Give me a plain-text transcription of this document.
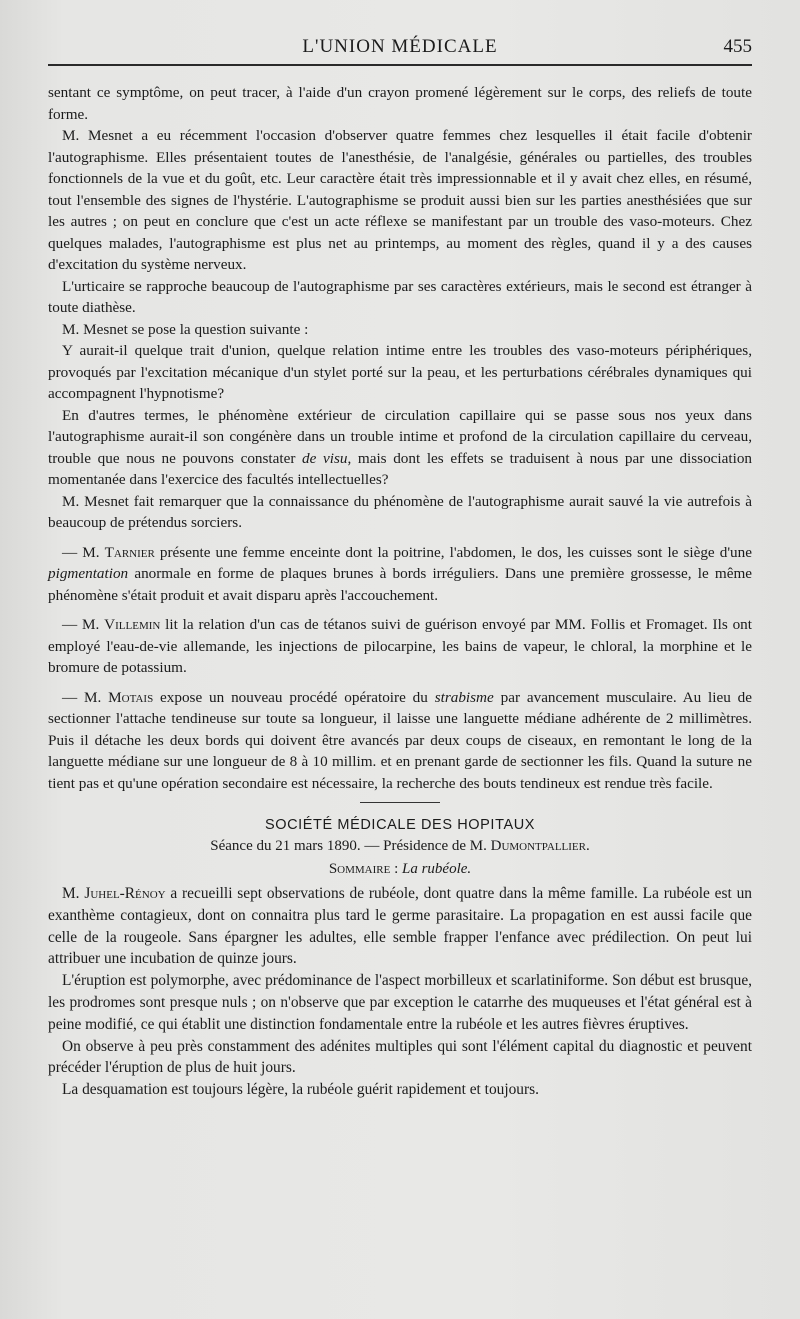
L'UNION MÉDICALE	455

sentant ce symptôme, on peut tracer, à l'aide d'un crayon promené légèrement sur le corps, des reliefs de toute forme.

M. Mesnet a eu récemment l'occasion d'observer quatre femmes chez lesquelles il était facile d'obtenir l'autographisme. Elles présentaient toutes de l'anesthésie, de l'analgésie, générales ou partielles, des troubles fonctionnels de la vue et du goût, etc. Leur caractère était très impressionnable et il y avait chez elles, en résumé, tout l'ensemble des signes de l'hystérie. L'autographisme se produit aussi bien sur les parties anesthésiées que sur les autres ; on peut en conclure que c'est un acte réflexe se manifestant par un trouble des vaso-moteurs. Chez quelques malades, l'autographisme est plus net au printemps, au moment des règles, quand il y a des causes d'excitation du système nerveux.

L'urticaire se rapproche beaucoup de l'autographisme par ses caractères extérieurs, mais le second est étranger à toute diathèse.

M. Mesnet se pose la question suivante :

Y aurait-il quelque trait d'union, quelque relation intime entre les troubles des vaso-moteurs périphériques, provoqués par l'excitation mécanique d'un stylet porté sur la peau, et les perturbations cérébrales dynamiques qui accompagnent l'hypnotisme?

En d'autres termes, le phénomène extérieur de circulation capillaire qui se passe sous nos yeux dans l'autographisme aurait-il son congénère dans un trouble intime et profond de la circulation capillaire du cerveau, trouble que nous ne pouvons constater de visu, mais dont les effets se traduisent à nous par une dissociation momentanée dans l'exercice des facultés intellectuelles?

M. Mesnet fait remarquer que la connaissance du phénomène de l'autographisme aurait sauvé la vie autrefois à beaucoup de prétendus sorciers.

— M. Tarnier présente une femme enceinte dont la poitrine, l'abdomen, le dos, les cuisses sont le siège d'une pigmentation anormale en forme de plaques brunes à bords irréguliers. Dans une première grossesse, le même phénomène s'était produit et avait disparu après l'accouchement.

— M. Villemin lit la relation d'un cas de tétanos suivi de guérison envoyé par MM. Follis et Fromaget. Ils ont employé l'eau-de-vie allemande, les injections de pilocarpine, les bains de vapeur, le chloral, la morphine et le bromure de potassium.

— M. Motais expose un nouveau procédé opératoire du strabisme par avancement musculaire. Au lieu de sectionner l'attache tendineuse sur toute sa longueur, il laisse une languette médiane adhérente de 2 millimètres. Puis il détache les deux bords qui doivent être avancés par deux coups de ciseaux, en remontant le long de la languette médiane sur une longueur de 8 à 10 millim. et en prenant garde de sectionner les fils. Quand la suture ne tient pas et qu'une opération secondaire est nécessaire, la recherche des bouts tendineux est rendue très facile.

SOCIÉTÉ MÉDICALE DES HOPITAUX
Séance du 21 mars 1890. — Présidence de M. Dumontpallier.
Sommaire : La rubéole.

M. Juhel-Rénoy a recueilli sept observations de rubéole, dont quatre dans la même famille. La rubéole est un exanthème contagieux, dont on connaitra plus tard le germe parasitaire. La propagation en est aussi facile que celle de la rougeole. Sans épargner les adultes, elle semble frapper l'enfance avec prédilection. On peut lui attribuer une incubation de quinze jours.

L'éruption est polymorphe, avec prédominance de l'aspect morbilleux et scarlatiniforme. Son début est brusque, les prodromes sont presque nuls ; on n'observe que par exception le catarrhe des muqueuses et l'état général est à peine modifié, ce qui établit une distinction fondamentale entre la rubéole et les autres fièvres éruptives.

On observe à peu près constamment des adénites multiples qui sont l'élément capital du diagnostic et peuvent précéder l'éruption de plus de huit jours.

La desquamation est toujours légère, la rubéole guérit rapidement et toujours.
